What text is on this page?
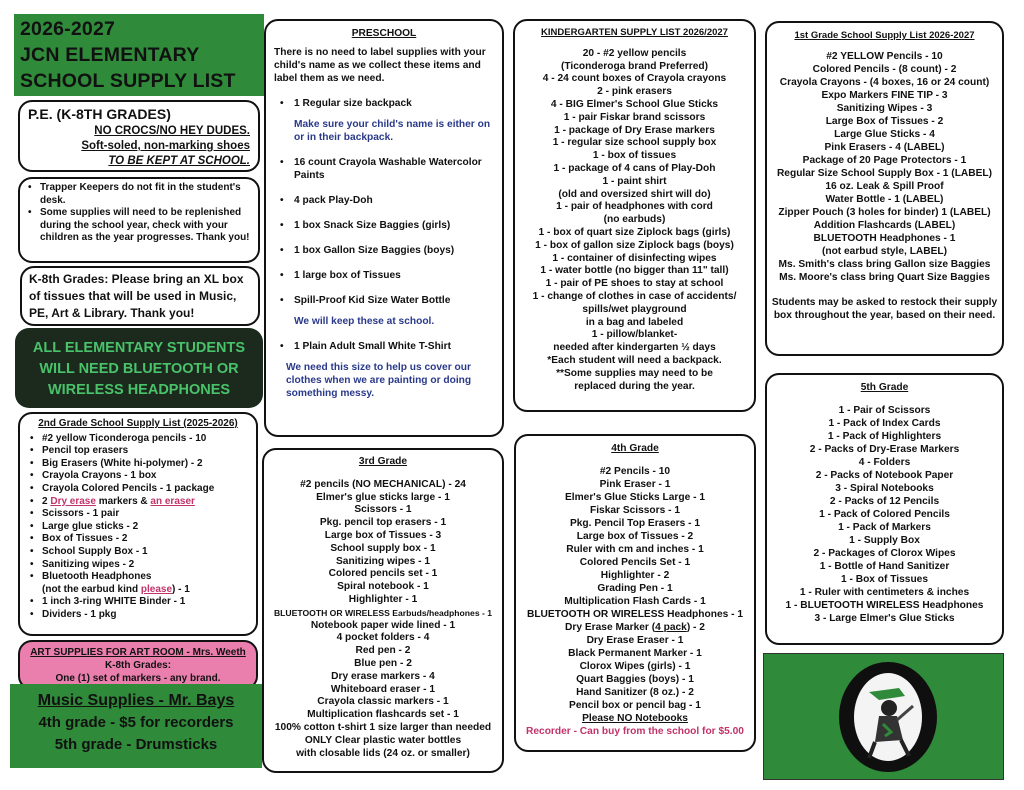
2026-2027
JCN ELEMENTARY
SCHOOL SUPPLY LIST
P.E. (K-8TH GRADES)
NO CROCS/NO HEY DUDES.
Soft-soled, non-marking shoes
TO BE KEPT AT SCHOOL.
• Trapper Keepers do not fit in the student's desk.
• Some supplies will need to be replenished during the school year, check with your children as the year progresses. Thank you!
K-8th Grades: Please bring an XL box of tissues that will be used in Music, PE, Art & Library. Thank you!
ALL ELEMENTARY STUDENTS WILL NEED BLUETOOTH OR WIRELESS HEADPHONES
2nd Grade School Supply List (2025-2026)
• #2 yellow Ticonderoga pencils - 10
• Pencil top erasers
• Big Erasers (White hi-polymer) - 2
• Crayola Crayons - 1 box
• Crayola Colored Pencils - 1 package
• 2 Dry erase markers & an eraser
• Scissors - 1 pair
• Large glue sticks - 2
• Box of Tissues - 2
• School Supply Box - 1
• Sanitizing wipes - 2
• Bluetooth Headphones
(not the earbud kind please) - 1
• 1 inch 3-ring WHITE Binder - 1
• Dividers - 1 pkg
ART SUPPLIES FOR ART ROOM - Mrs. Weeth
K-8th Grades:
One (1) set of markers - any brand.
Music Supplies - Mr. Bays
4th grade - $5 for recorders
5th grade - Drumsticks
PRESCHOOL
There is no need to label supplies with your child's name as we collect these items and label them as we need.
• 1 Regular size backpack
Make sure your child's name is either on or in their backpack.
• 16 count Crayola Washable Watercolor Paints
• 4 pack Play-Doh
• 1 box Snack Size Baggies (girls)
• 1 box Gallon Size Baggies (boys)
• 1 large box of Tissues
• Spill-Proof Kid Size Water Bottle
We will keep these at school.
• 1 Plain Adult Small White T-Shirt
We need this size to help us cover our clothes when we are painting or doing something messy.
3rd Grade
#2 pencils (NO MECHANICAL) - 24
Elmer's glue sticks large - 1
Scissors - 1
Pkg. pencil top erasers - 1
Large box of Tissues - 3
School supply box - 1
Sanitizing wipes - 1
Colored pencils set - 1
Spiral notebook - 1
Highlighter - 1
BLUETOOTH OR WIRELESS Earbuds/headphones - 1
Notebook paper wide lined - 1
4 pocket folders - 4
Red pen - 2
Blue pen - 2
Dry erase markers - 4
Whiteboard eraser - 1
Crayola classic markers - 1
Multiplication flashcards set - 1
100% cotton t-shirt 1 size larger than needed
ONLY Clear plastic water bottles
with closable lids (24 oz. or smaller)
KINDERGARTEN SUPPLY LIST 2026/2027
20 - #2 yellow pencils
(Ticonderoga brand Preferred)
4 - 24 count boxes of Crayola crayons
2 - pink erasers
4 - BIG Elmer's School Glue Sticks
1 - pair Fiskar brand scissors
1 - package of Dry Erase markers
1 - regular size school supply box
1 - box of tissues
1 - package of 4 cans of Play-Doh
1 - paint shirt
(old and oversized shirt will do)
1 - pair of headphones with cord
(no earbuds)
1 - box of quart size Ziplock bags (girls)
1 - box of gallon size Ziplock bags (boys)
1 - container of disinfecting wipes
1 - water bottle (no bigger than 11" tall)
1 - pair of PE shoes to stay at school
1 - change of clothes in case of accidents/
spills/wet playground
in a bag and labeled
1 - pillow/blanket-
needed after kindergarten ½ days
*Each student will need a backpack.
**Some supplies may need to be
replaced during the year.
4th Grade
#2 Pencils - 10
Pink Eraser - 1
Elmer's Glue Sticks Large - 1
Fiskar Scissors - 1
Pkg. Pencil Top Erasers - 1
Large box of Tissues - 2
Ruler with cm and inches - 1
Colored Pencils Set - 1
Highlighter - 2
Grading Pen - 1
Multiplication Flash Cards - 1
BLUETOOTH OR WIRELESS Headphones - 1
Dry Erase Marker (4 pack) - 2
Dry Erase Eraser - 1
Black Permanent Marker - 1
Clorox Wipes (girls) - 1
Quart Baggies (boys) - 1
Hand Sanitizer (8 oz.) - 2
Pencil box or pencil bag - 1
Please NO Notebooks
Recorder - Can buy from the school for $5.00
1st Grade School Supply List 2026-2027
#2 YELLOW Pencils - 10
Colored Pencils - (8 count) - 2
Crayola Crayons - (4 boxes, 16 or 24 count)
Expo Markers FINE TIP - 3
Sanitizing Wipes - 3
Large Box of Tissues - 2
Large Glue Sticks - 4
Pink Erasers - 4 (LABEL)
Package of 20 Page Protectors - 1
Regular Size School Supply Box - 1 (LABEL)
16 oz. Leak & Spill Proof
Water Bottle - 1 (LABEL)
Zipper Pouch (3 holes for binder) 1 (LABEL)
Addition Flashcards (LABEL)
BLUETOOTH Headphones - 1
(not earbud style, LABEL)
Ms. Smith's class bring Gallon size Baggies
Ms. Moore's class bring Quart Size Baggies
Students may be asked to restock their supply box throughout the year, based on their need.
5th Grade
1 - Pair of Scissors
1 - Pack of Index Cards
1 - Pack of Highlighters
2 - Packs of Dry-Erase Markers
4 - Folders
2 - Packs of Notebook Paper
3 - Spiral Notebooks
2 - Packs of 12 Pencils
1 - Pack of Colored Pencils
1 - Pack of Markers
1 - Supply Box
2 - Packages of Clorox Wipes
1 - Bottle of Hand Sanitizer
1 - Box of Tissues
1 - Ruler with centimeters & inches
1 - BLUETOOTH WIRELESS Headphones
3 - Large Elmer's Glue Sticks
